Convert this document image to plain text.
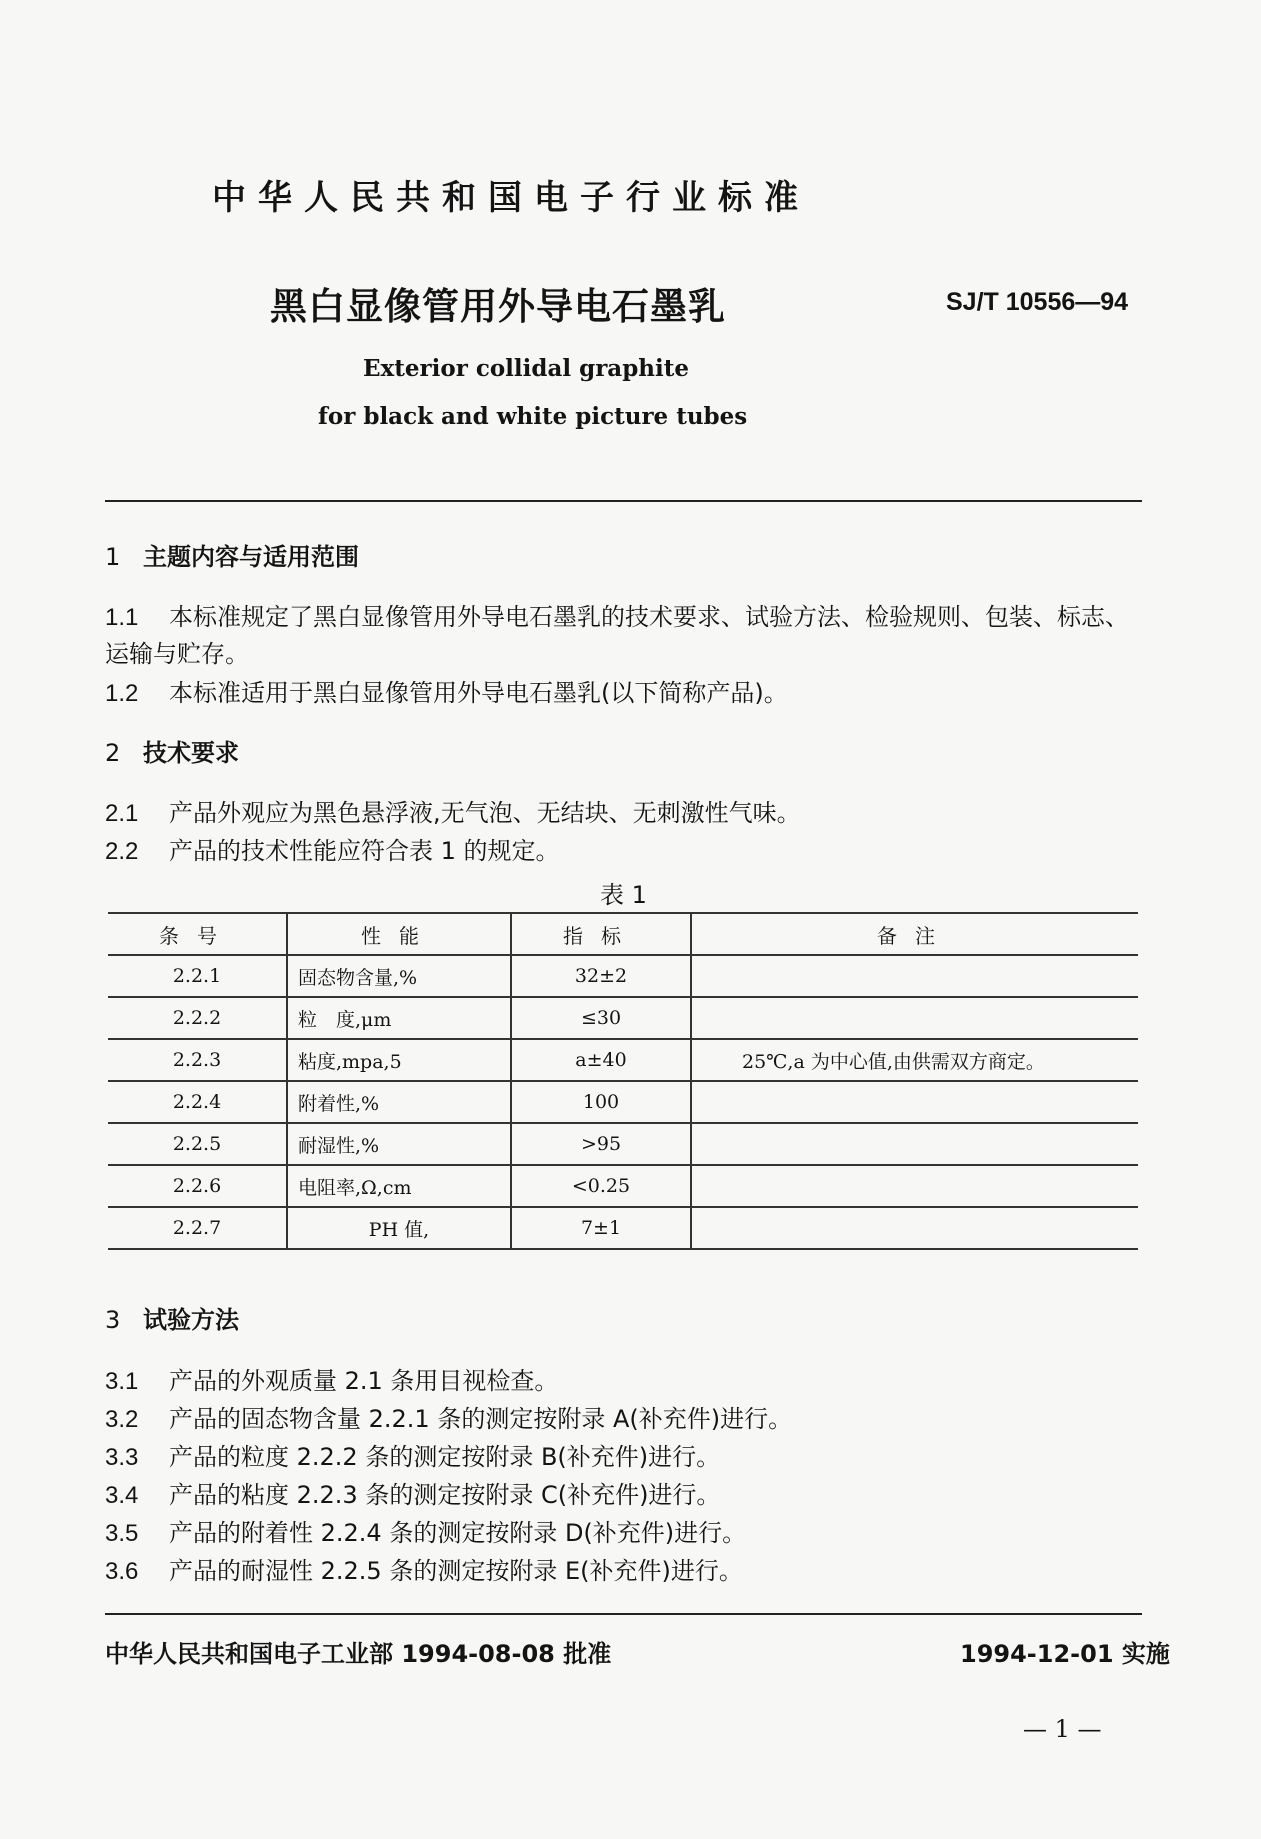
中华人民共和国电子行业标准
黑白显像管用外导电石墨乳	SJ/T 10556—94
Exterior collidal graphite
for black and white picture tubes
1 主题内容与适用范围
1.1 本标准规定了黑白显像管用外导电石墨乳的技术要求、试验方法、检验规则、包装、标志、
运输与贮存。
1.2 本标准适用于黑白显像管用外导电石墨乳(以下简称产品)。
2 技术要求
2.1 产品外观应为黑色悬浮液,无气泡、无结块、无刺激性气味。
2.2 产品的技术性能应符合表 1 的规定。
表 1
条号	性能	指标	备注
2.2.1	固态物含量,%	32±2	
2.2.2	粒　度,μm	≤30	
2.2.3	粘度,mpa,5	a±40	25℃,a 为中心值,由供需双方商定。
2.2.4	附着性,%	100	
2.2.5	耐湿性,%	>95	
2.2.6	电阻率,Ω,cm	<0.25	
2.2.7	PH 值,	7±1	
3 试验方法
3.1 产品的外观质量 2.1 条用目视检查。
3.2 产品的固态物含量 2.2.1 条的测定按附录 A(补充件)进行。
3.3 产品的粒度 2.2.2 条的测定按附录 B(补充件)进行。
3.4 产品的粘度 2.2.3 条的测定按附录 C(补充件)进行。
3.5 产品的附着性 2.2.4 条的测定按附录 D(补充件)进行。
3.6 产品的耐湿性 2.2.5 条的测定按附录 E(补充件)进行。
中华人民共和国电子工业部 1994-08-08 批准	1994-12-01 实施
— 1 —
